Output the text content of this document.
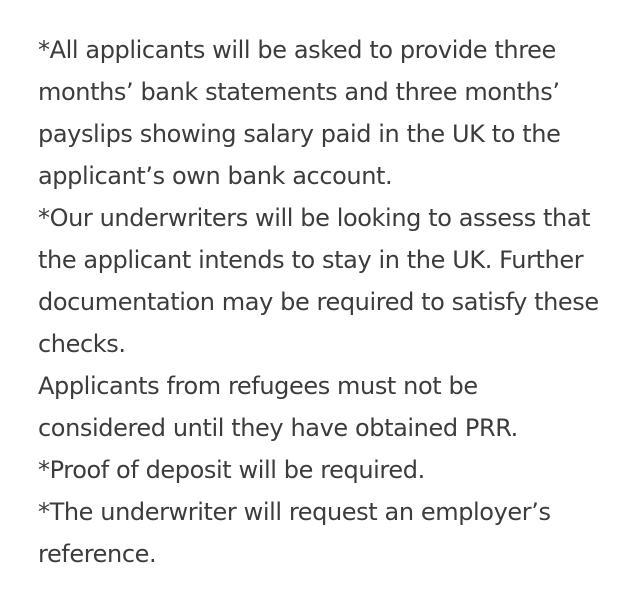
*All applicants will be asked to provide three
months’ bank statements and three months’
payslips showing salary paid in the UK to the
applicant’s own bank account.

*Our underwriters will be looking to assess that
the applicant intends to stay in the UK. Further
documentation may be required to satisfy these
checks.

Applicants from refugees must not be
considered until they have obtained PRR.

*Proof of deposit will be required.

*The underwriter will request an employer’s
reference.
